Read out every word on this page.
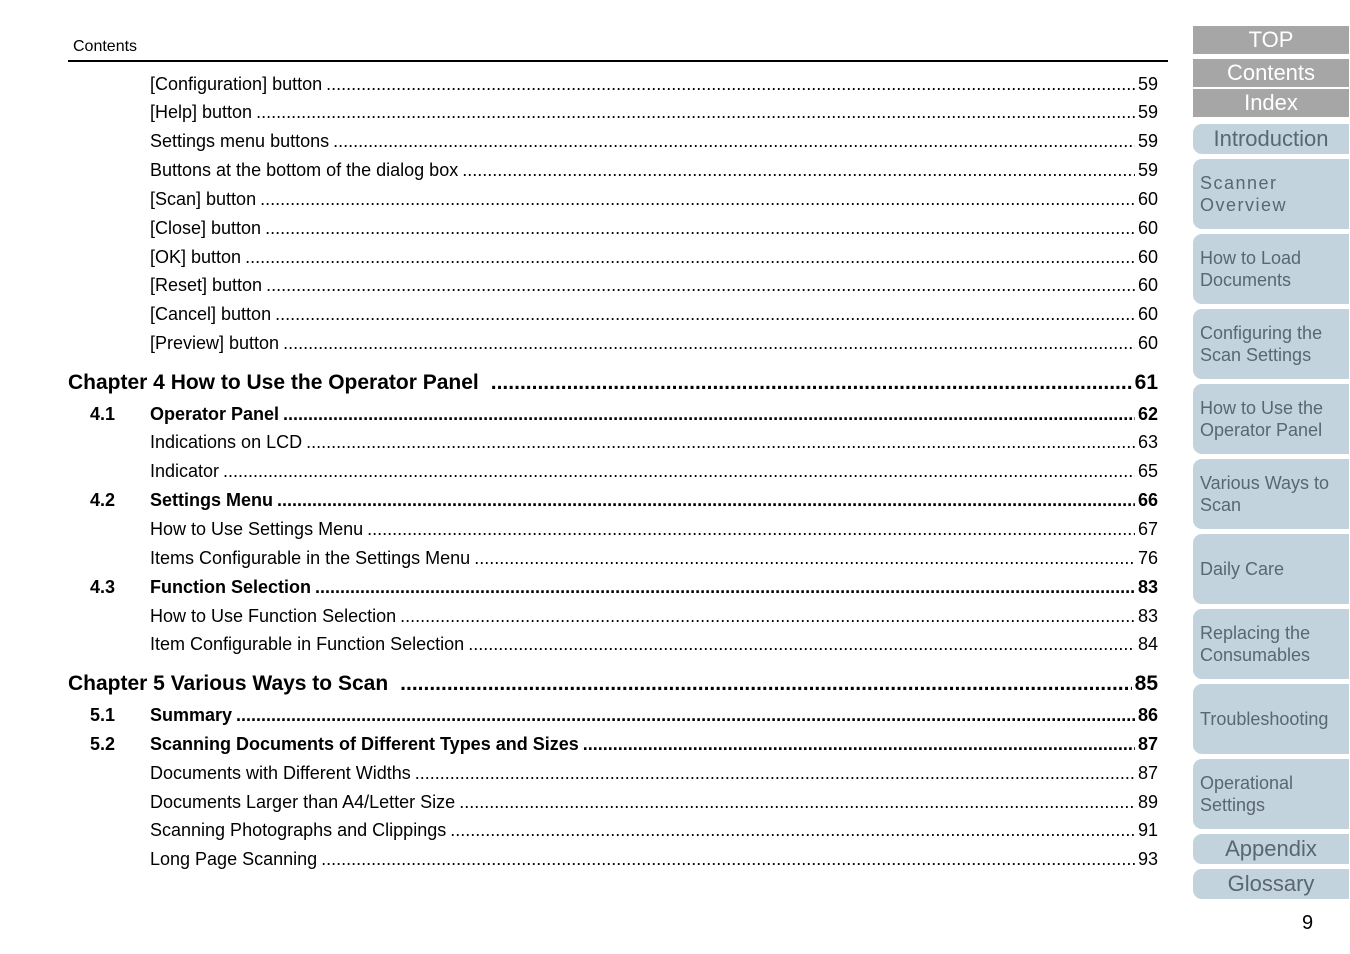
Contents
[Configuration] button .....	59
[Help] button .....	59
Settings menu buttons .....	59
Buttons at the bottom of the dialog box .....	59
[Scan] button .....	60
[Close] button .....	60
[OK] button .....	60
[Reset] button .....	60
[Cancel] button .....	60
[Preview] button .....	60
Chapter 4 How to Use the Operator Panel .....	61
4.1 Operator Panel .....	62
Indications on LCD .....	63
Indicator .....	65
4.2 Settings Menu .....	66
How to Use Settings Menu .....	67
Items Configurable in the Settings Menu .....	76
4.3 Function Selection .....	83
How to Use Function Selection .....	83
Item Configurable in Function Selection .....	84
Chapter 5 Various Ways to Scan .....	85
5.1 Summary .....	86
5.2 Scanning Documents of Different Types and Sizes .....	87
Documents with Different Widths .....	87
Documents Larger than A4/Letter Size .....	89
Scanning Photographs and Clippings .....	91
Long Page Scanning .....	93
TOP
Contents
Index
Introduction
Scanner Overview
How to Load Documents
Configuring the Scan Settings
How to Use the Operator Panel
Various Ways to Scan
Daily Care
Replacing the Consumables
Troubleshooting
Operational Settings
Appendix
Glossary
9
